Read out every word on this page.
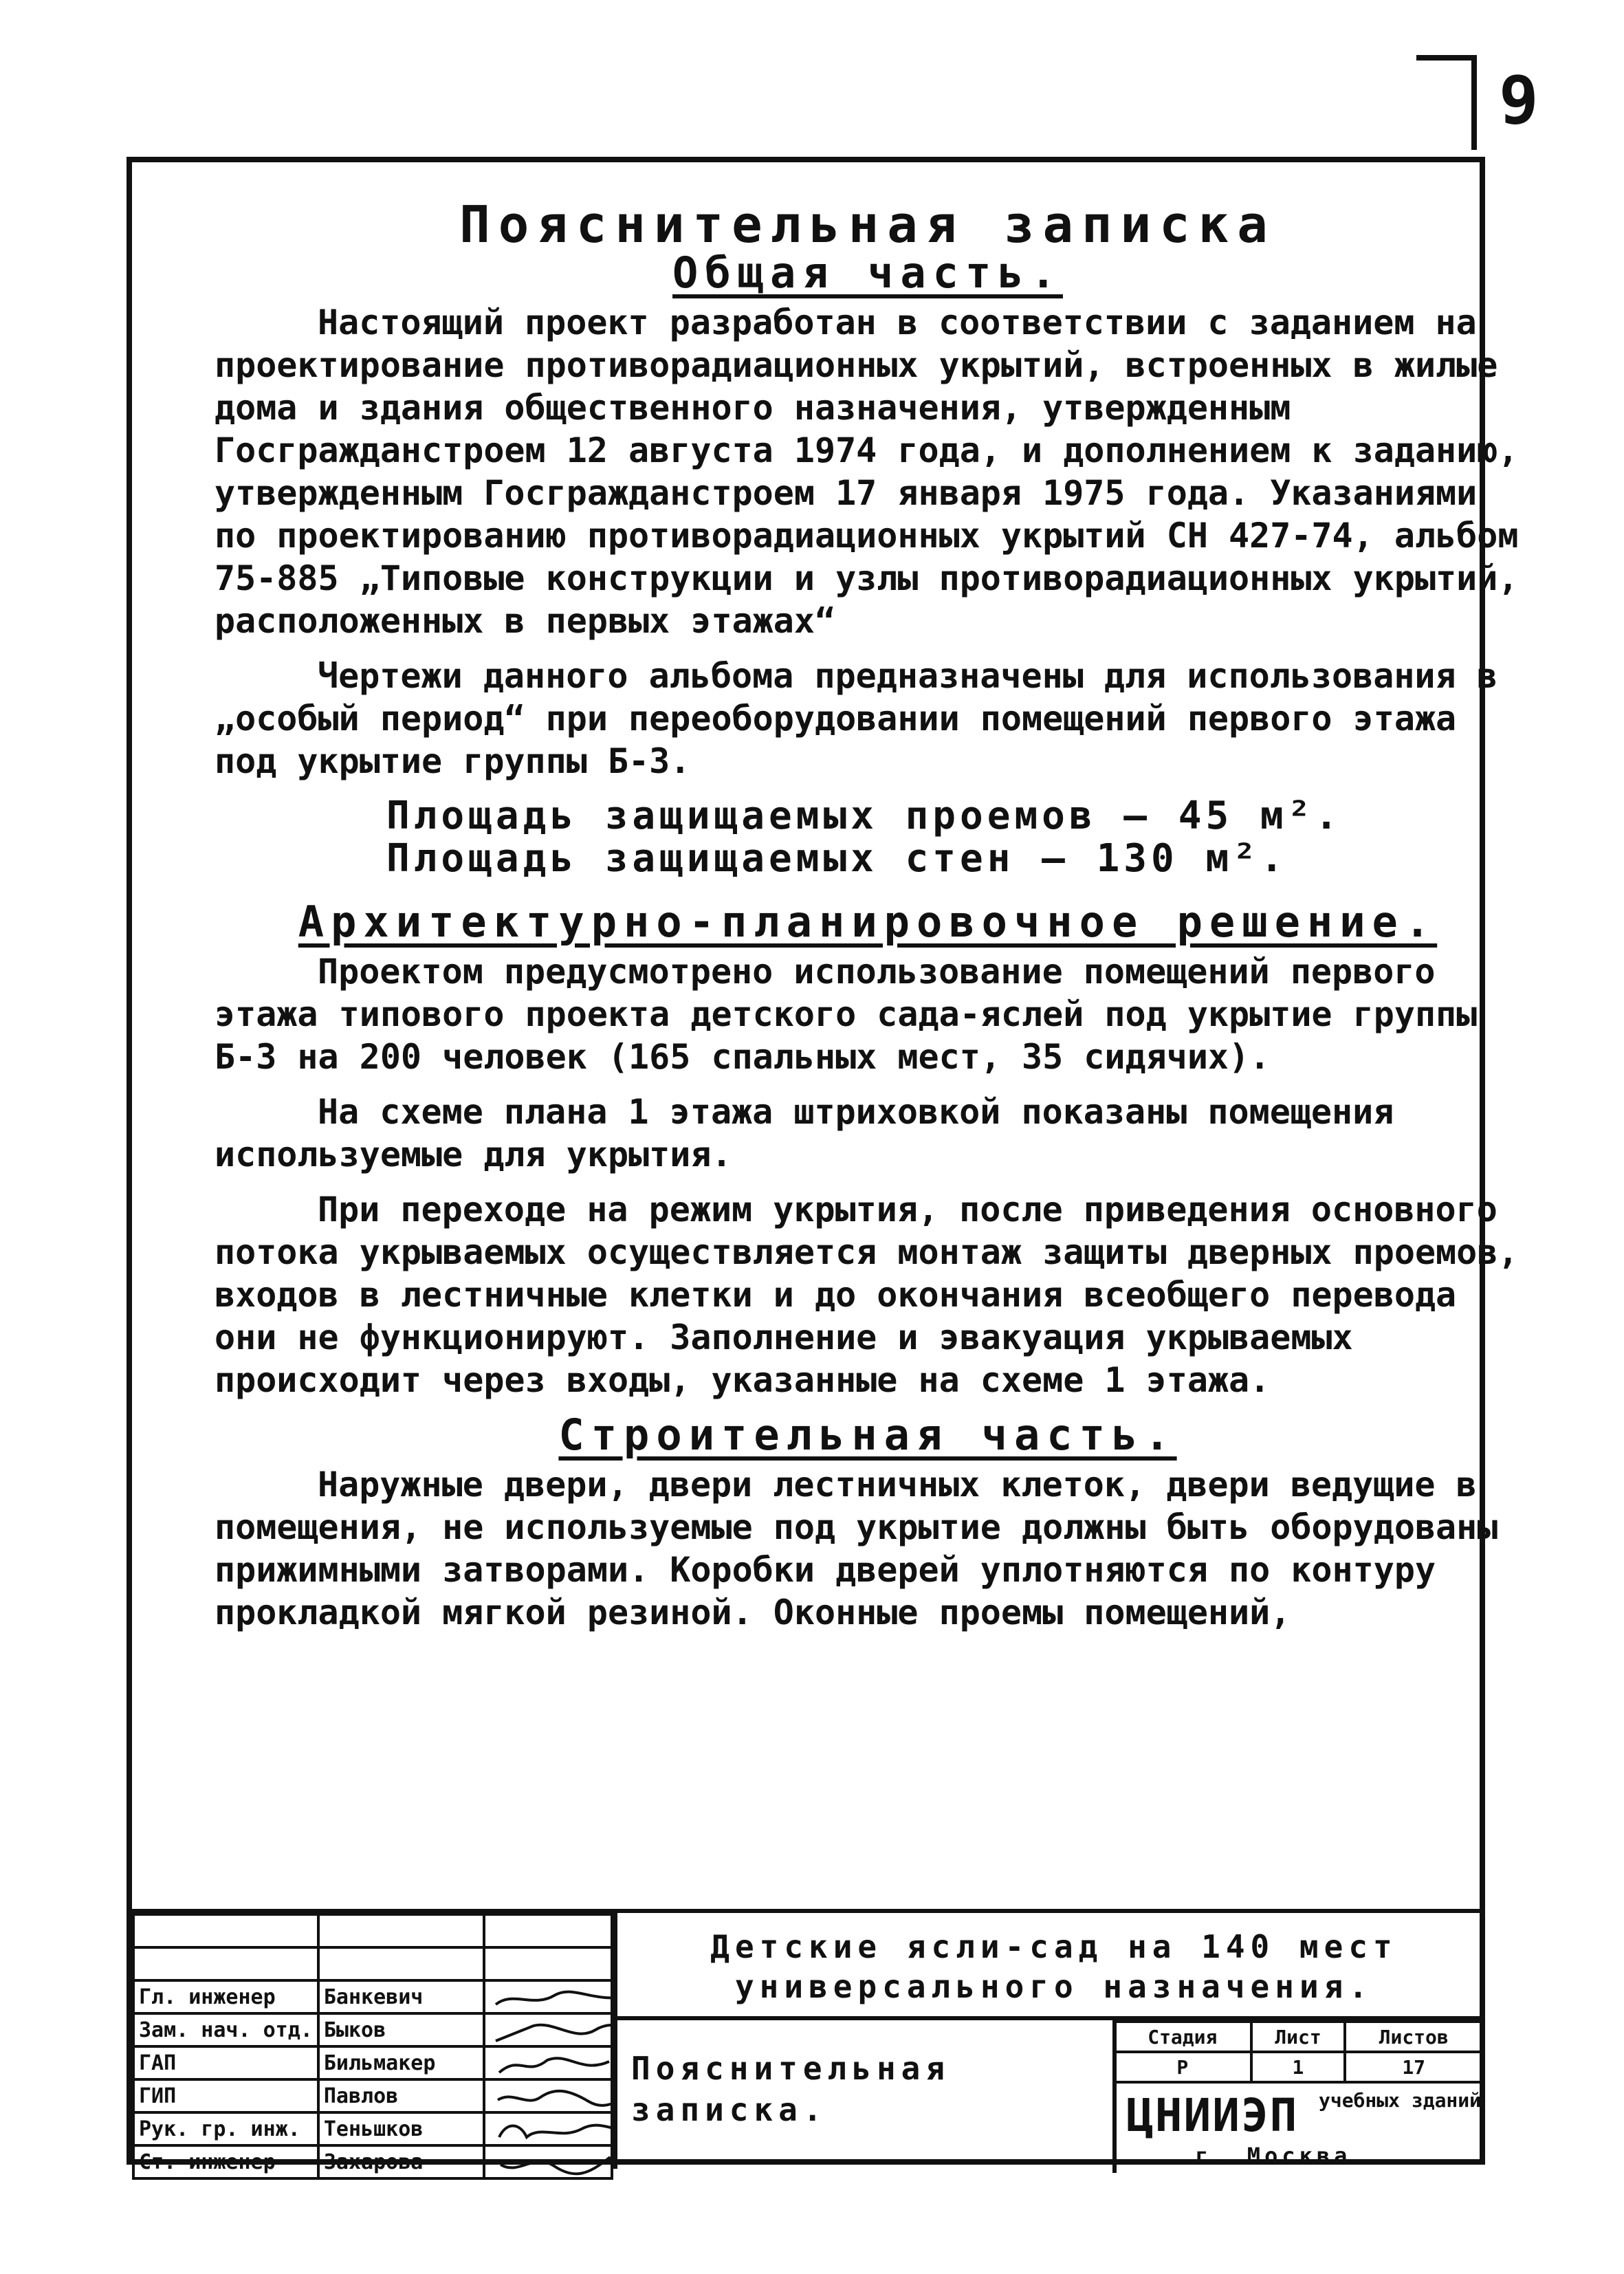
9
Пояснительная записка
Общая часть.

Настоящий проект разработан в соответствии с заданием на проектирование противорадиационных укрытий, встроенных в жилые дома и здания общественного назначения, утвержденным Госгражданстроем 12 августа 1974 года, и дополнением к заданию, утвержденным Госгражданстроем 17 января 1975 года. Указаниями по проектированию противорадиационных укрытий СН 427-74, альбом 75-885 „Типовые конструкции и узлы противорадиационных укрытий, расположенных в первых этажах“

Чертежи данного альбома предназначены для использования в „особый период“ при переоборудовании помещений первого этажа под укрытие группы Б-3.

Площадь защищаемых проемов — 45 м².

Площадь защищаемых стен — 130 м².

Архитектурно-планировочное решение.

Проектом предусмотрено использование помещений первого этажа типового проекта детского сада-яслей под укрытие группы Б-3 на 200 человек (165 спальных мест, 35 сидячих).

На схеме плана 1 этажа штриховкой показаны помещения используемые для укрытия.

При переходе на режим укрытия, после приведения основного потока укрываемых осуществляется монтаж защиты дверных проемов, входов в лестничные клетки и до окончания всеобщего перевода они не функционируют. Заполнение и эвакуация укрываемых происходит через входы, указанные на схеме 1 этажа.

Строительная часть.

Наружные двери, двери лестничных клеток, двери ведущие в помещения, не используемые под укрытие должны быть оборудованы прижимными затворами. Коробки дверей уплотняются по контуру прокладкой мягкой резиной. Оконные проемы помещений,

Гл. инженер	Банкевич	

Зам. нач. отд.	Быков	

ГАП	Бильмакер	

ГИП	Павлов	

Рук. гр. инж.	Теньшков	

Ст. инженер	Захарова	
Детские ясли-сад на 140 мест универсального назначения.
Пояснительная записка.
Стадия	Лист	Листов
Р	1	17
ЦНИИЭП учебных зданий
г. Москва
